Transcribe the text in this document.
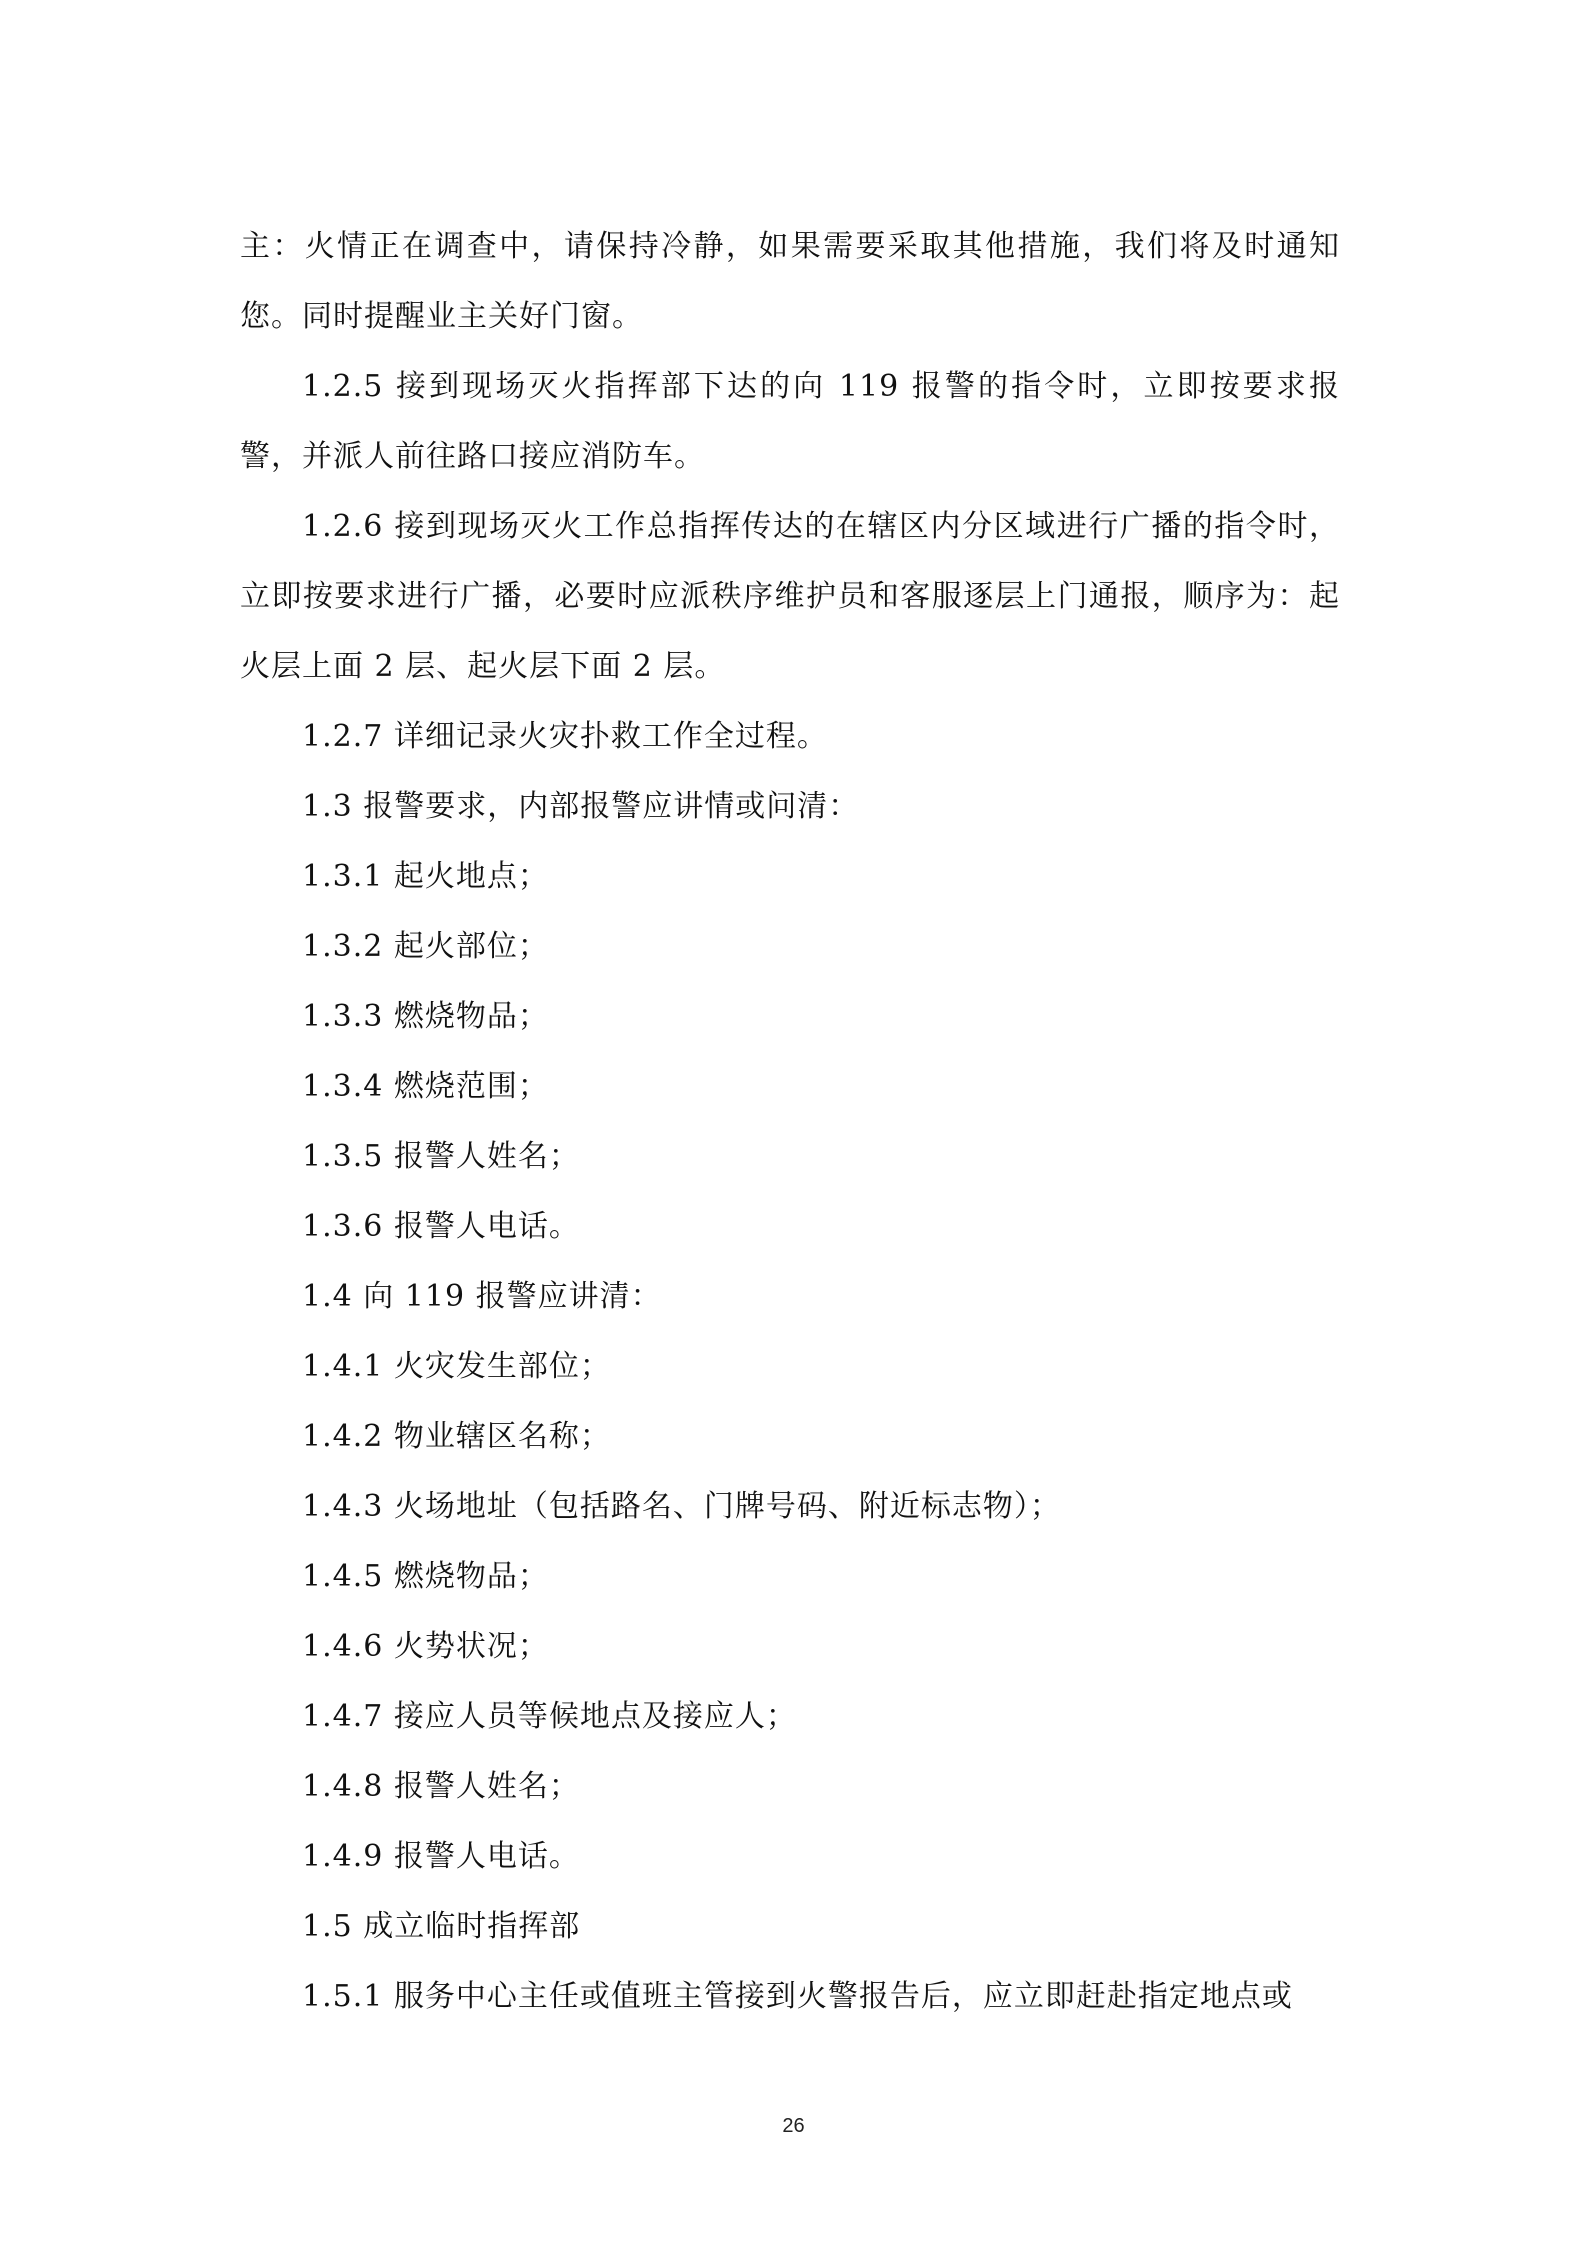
主：火情正在调查中，请保持冷静，如果需要采取其他措施，我们将及时通知您。同时提醒业主关好门窗。

1.2.5 接到现场灭火指挥部下达的向 119 报警的指令时，立即按要求报警，并派人前往路口接应消防车。

1.2.6 接到现场灭火工作总指挥传达的在辖区内分区域进行广播的指令时，立即按要求进行广播，必要时应派秩序维护员和客服逐层上门通报，顺序为：起火层上面 2 层、起火层下面 2 层。

1.2.7 详细记录火灾扑救工作全过程。

1.3 报警要求，内部报警应讲情或问清：

1.3.1 起火地点；

1.3.2 起火部位；

1.3.3 燃烧物品；

1.3.4 燃烧范围；

1.3.5 报警人姓名；

1.3.6 报警人电话。

1.4 向 119 报警应讲清：

1.4.1 火灾发生部位；

1.4.2 物业辖区名称；

1.4.3 火场地址（包括路名、门牌号码、附近标志物）；

1.4.5 燃烧物品；

1.4.6 火势状况；

1.4.7 接应人员等候地点及接应人；

1.4.8 报警人姓名；

1.4.9 报警人电话。

1.5 成立临时指挥部

1.5.1 服务中心主任或值班主管接到火警报告后，应立即赶赴指定地点或

26
